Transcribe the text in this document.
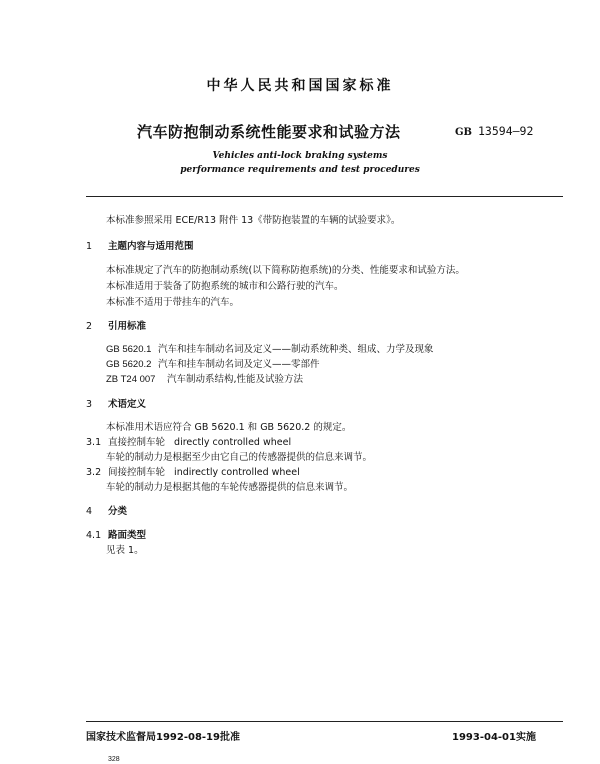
中华人民共和国国家标准
汽车防抱制动系统性能要求和试验方法	GB 13594—92
Vehicles anti-lock braking systems
performance requirements and test procedures
本标准参照采用 ECE/R13 附件 13《带防抱装置的车辆的试验要求》。
1 主题内容与适用范围
本标准规定了汽车的防抱制动系统(以下简称防抱系统)的分类、性能要求和试验方法。
本标准适用于装备了防抱系统的城市和公路行驶的汽车。
本标准不适用于带挂车的汽车。
2 引用标准
GB 5620.1 汽车和挂车制动名词及定义——制动系统种类、组成、力学及现象
GB 5620.2 汽车和挂车制动名词及定义——零部件
ZB T24 007 汽车制动系结构,性能及试验方法
3 术语定义
本标准用术语应符合 GB 5620.1 和 GB 5620.2 的规定。
3.1 直接控制车轮   directly controlled wheel
车轮的制动力是根据至少由它自己的传感器提供的信息来调节。
3.2 间接控制车轮   indirectly controlled wheel
车轮的制动力是根据其他的车轮传感器提供的信息来调节。
4 分类
4.1 路面类型
见表 1。
国家技术监督局1992-08-19批准	1993-04-01实施
328
